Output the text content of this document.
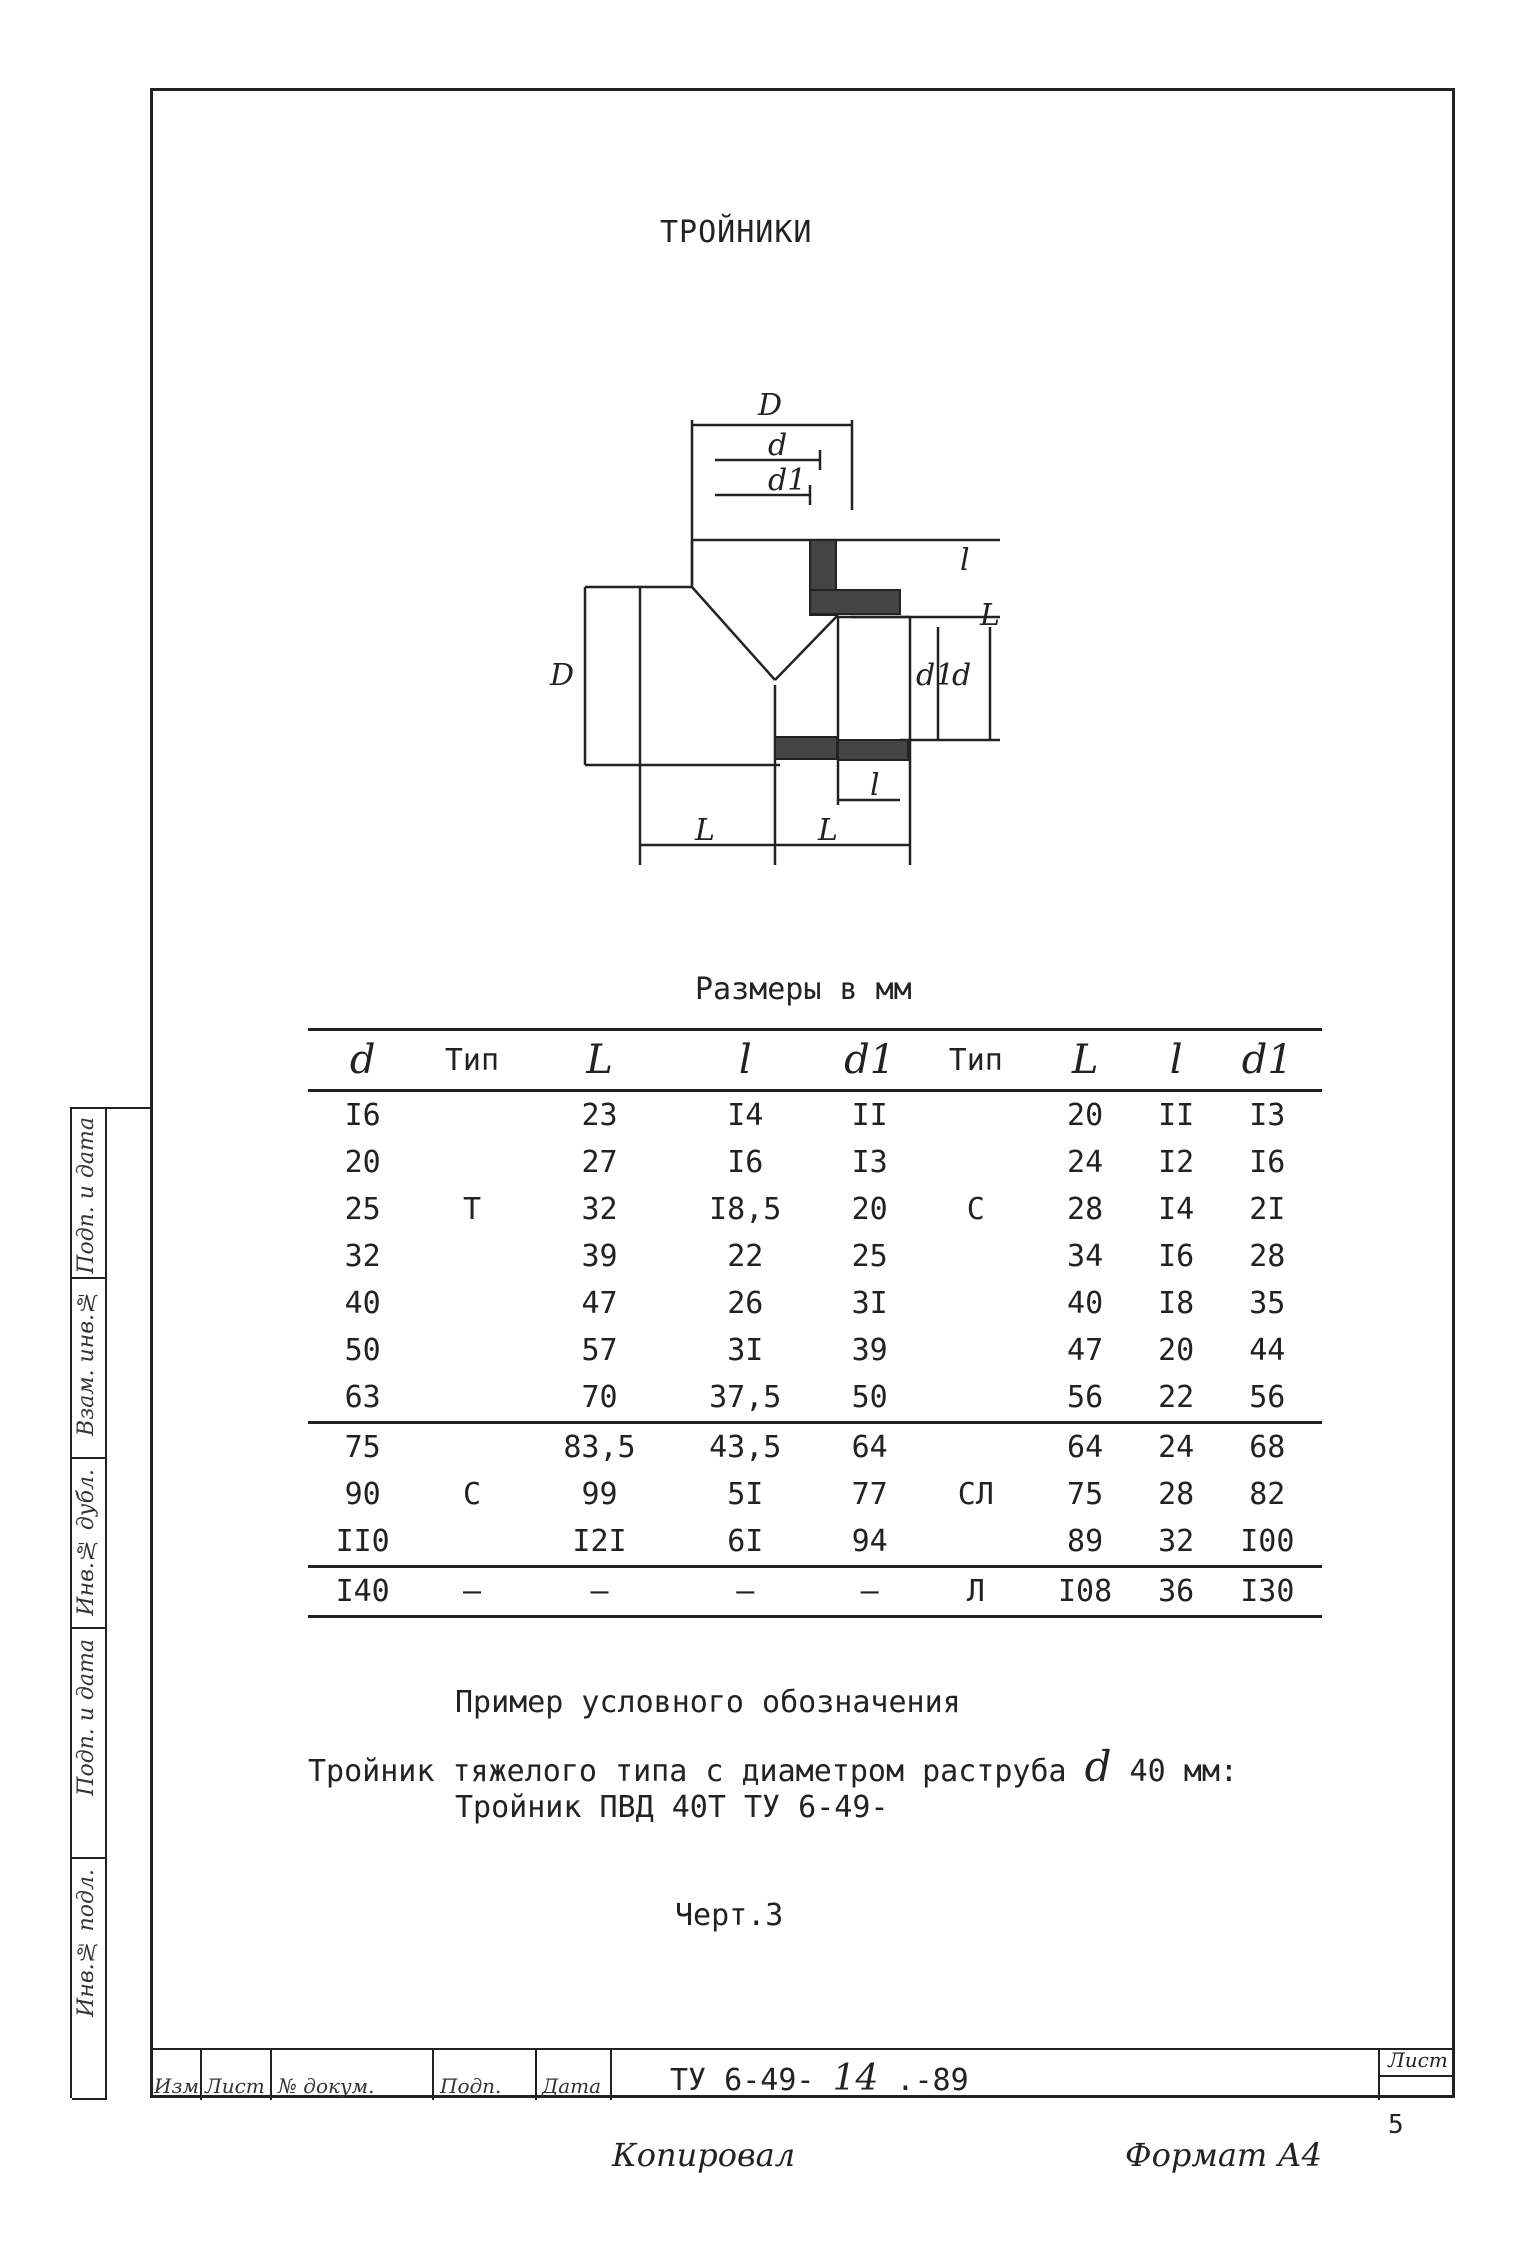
ТРОЙНИКИ
D
d
d1
D	d1
d
l
L
l
L	L
Размеры в мм
d	Тип	L	l	d1	Тип	L	l	d1
I6		23	I4	II		20	II	I3
20		27	I6	I3		24	I2	I6
25	Т	32	I8,5	20	С	28	I4	2I
32		39	22	25		34	I6	28
40		47	26	3I		40	I8	35
50		57	3I	39		47	20	44
63		70	37,5	50		56	22	56
75		83,5	43,5	64		64	24	68
90	С	99	5I	77	СЛ	75	28	82
II0		I2I	6I	94		89	32	I00
I40	–	–	–	–	Л	I08	36	I30
Пример условного обозначения
Тройник тяжелого типа с диаметром раструба d 40 мм:
Тройник ПВД 40Т ТУ 6-49-
Черт.3
Подп. и дата
Взам. инв.№
Инв.№ дубл.
Подп. и дата
Инв.№ подл.
Изм Лист № докум.	Подп. Дата ТУ 6-49- 14 .-89
Лист
5
Копировал	Формат А4
